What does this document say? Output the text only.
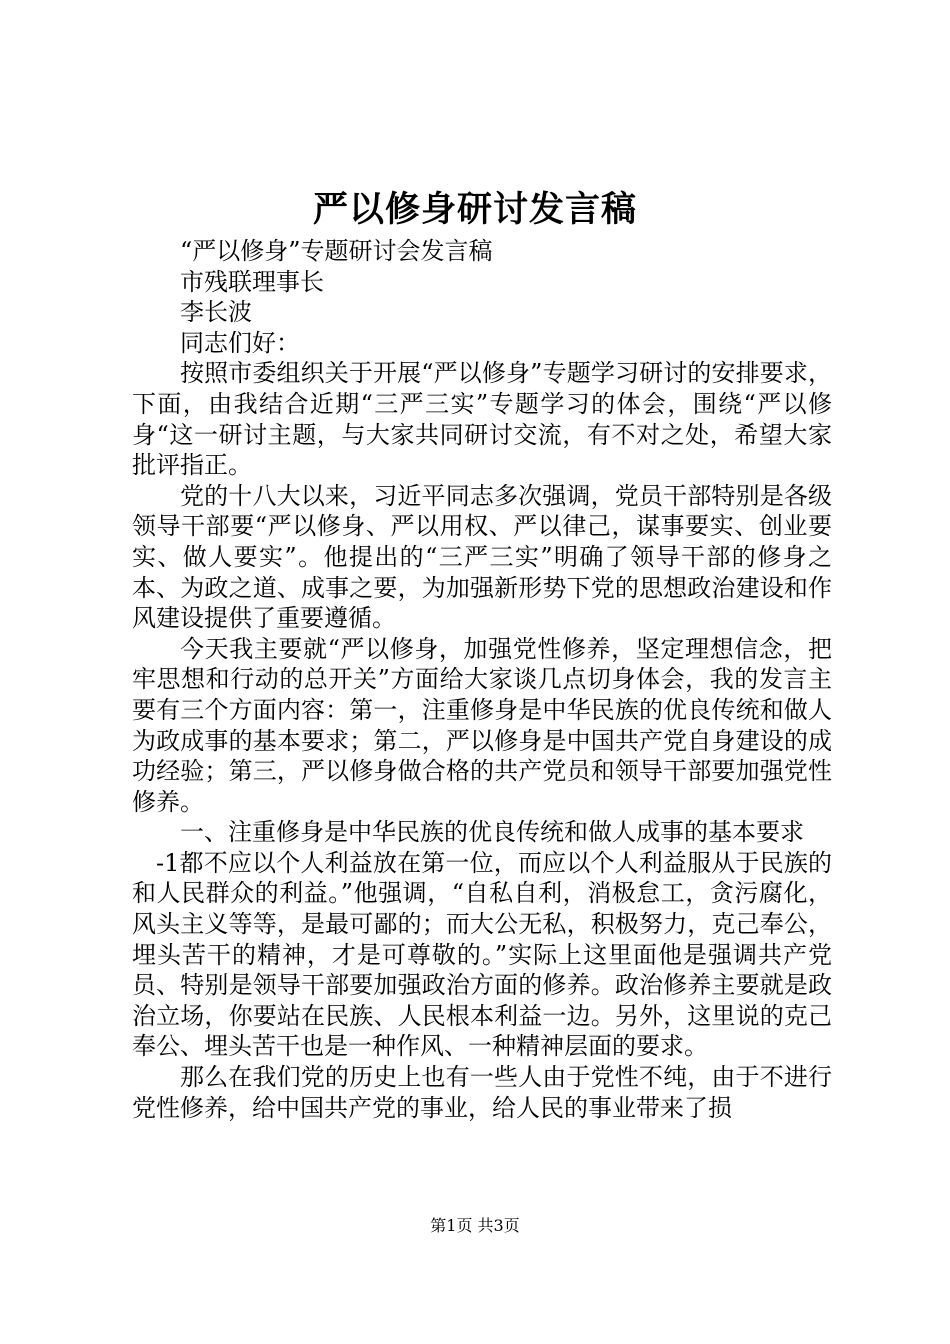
严以修身研讨发言稿

“严以修身”专题研讨会发言稿

市残联理事长

李长波

同志们好：

按照市委组织关于开展“严以修身”专题学习研讨的安排要求，下面，由我结合近期“三严三实”专题学习的体会，围绕“严以修身“这一研讨主题，与大家共同研讨交流，有不对之处，希望大家批评指正。

党的十八大以来，习近平同志多次强调，党员干部特别是各级领导干部要“严以修身、严以用权、严以律己，谋事要实、创业要实、做人要实”。他提出的“三严三实”明确了领导干部的修身之本、为政之道、成事之要，为加强新形势下党的思想政治建设和作风建设提供了重要遵循。

今天我主要就“严以修身，加强党性修养，坚定理想信念，把牢思想和行动的总开关”方面给大家谈几点切身体会，我的发言主要有三个方面内容：第一，注重修身是中华民族的优良传统和做人为政成事的基本要求；第二，严以修身是中国共产党自身建设的成功经验；第三，严以修身做合格的共产党员和领导干部要加强党性修养。

一、注重修身是中华民族的优良传统和做人成事的基本要求

-1都不应以个人利益放在第一位，而应以个人利益服从于民族的和人民群众的利益。”他强调，“自私自利，消极怠工，贪污腐化，风头主义等等，是最可鄙的；而大公无私，积极努力，克己奉公，埋头苦干的精神，才是可尊敬的。”实际上这里面他是强调共产党员、特别是领导干部要加强政治方面的修养。政治修养主要就是政治立场，你要站在民族、人民根本利益一边。另外，这里说的克己奉公、埋头苦干也是一种作风、一种精神层面的要求。

那么在我们党的历史上也有一些人由于党性不纯，由于不进行党性修养，给中国共产党的事业，给人民的事业带来了损

第1页 共3页
